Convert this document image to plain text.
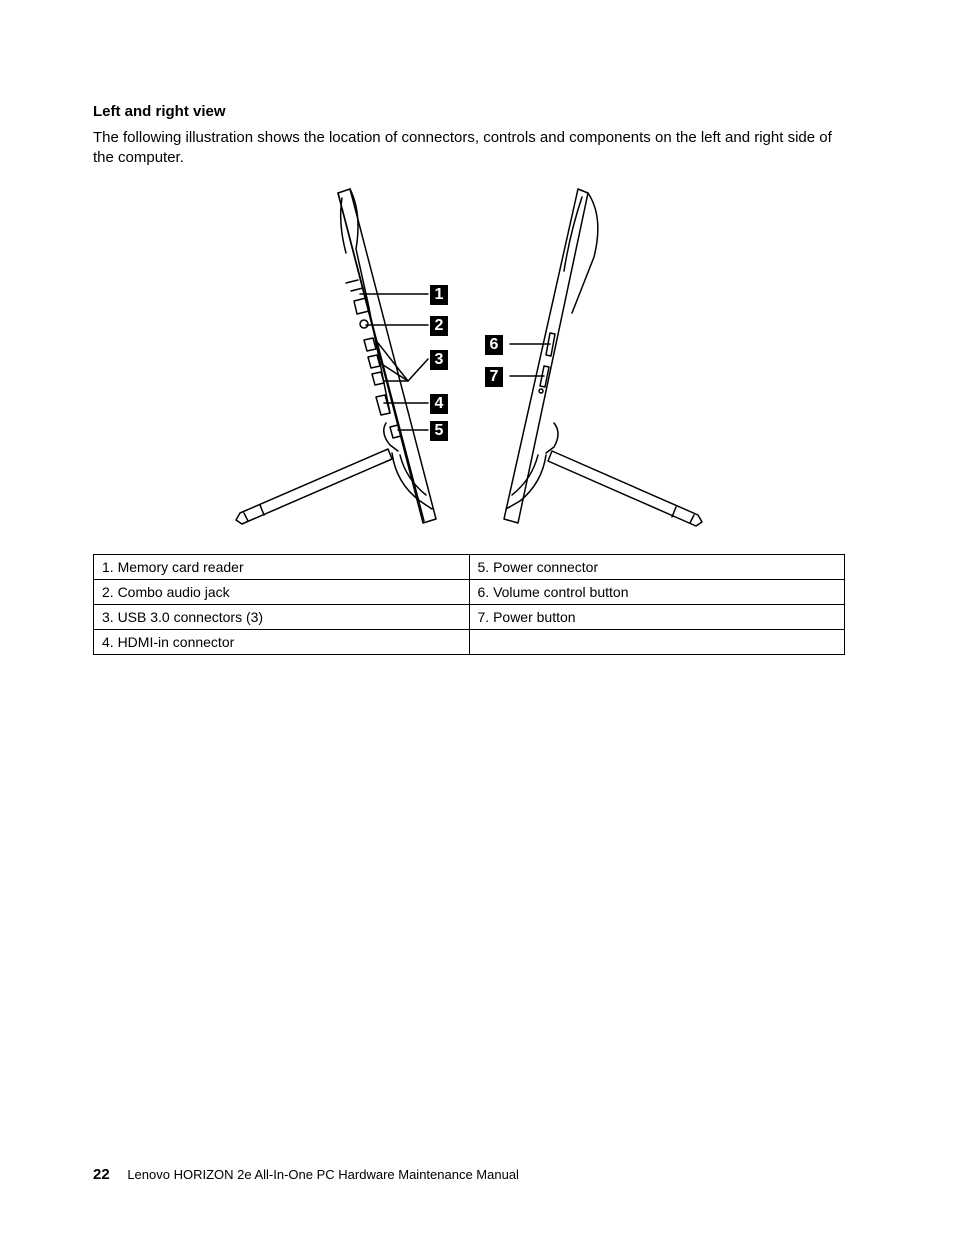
Left and right view
The following illustration shows the location of connectors, controls and components on the left and right side of the computer.
1
2
3
4
5
6
7
1. Memory card reader	5. Power connector
2. Combo audio jack	6. Volume control button
3. USB 3.0 connectors (3)	7. Power button
4. HDMI-in connector	
22 Lenovo HORIZON 2e All-In-One PC Hardware Maintenance Manual
